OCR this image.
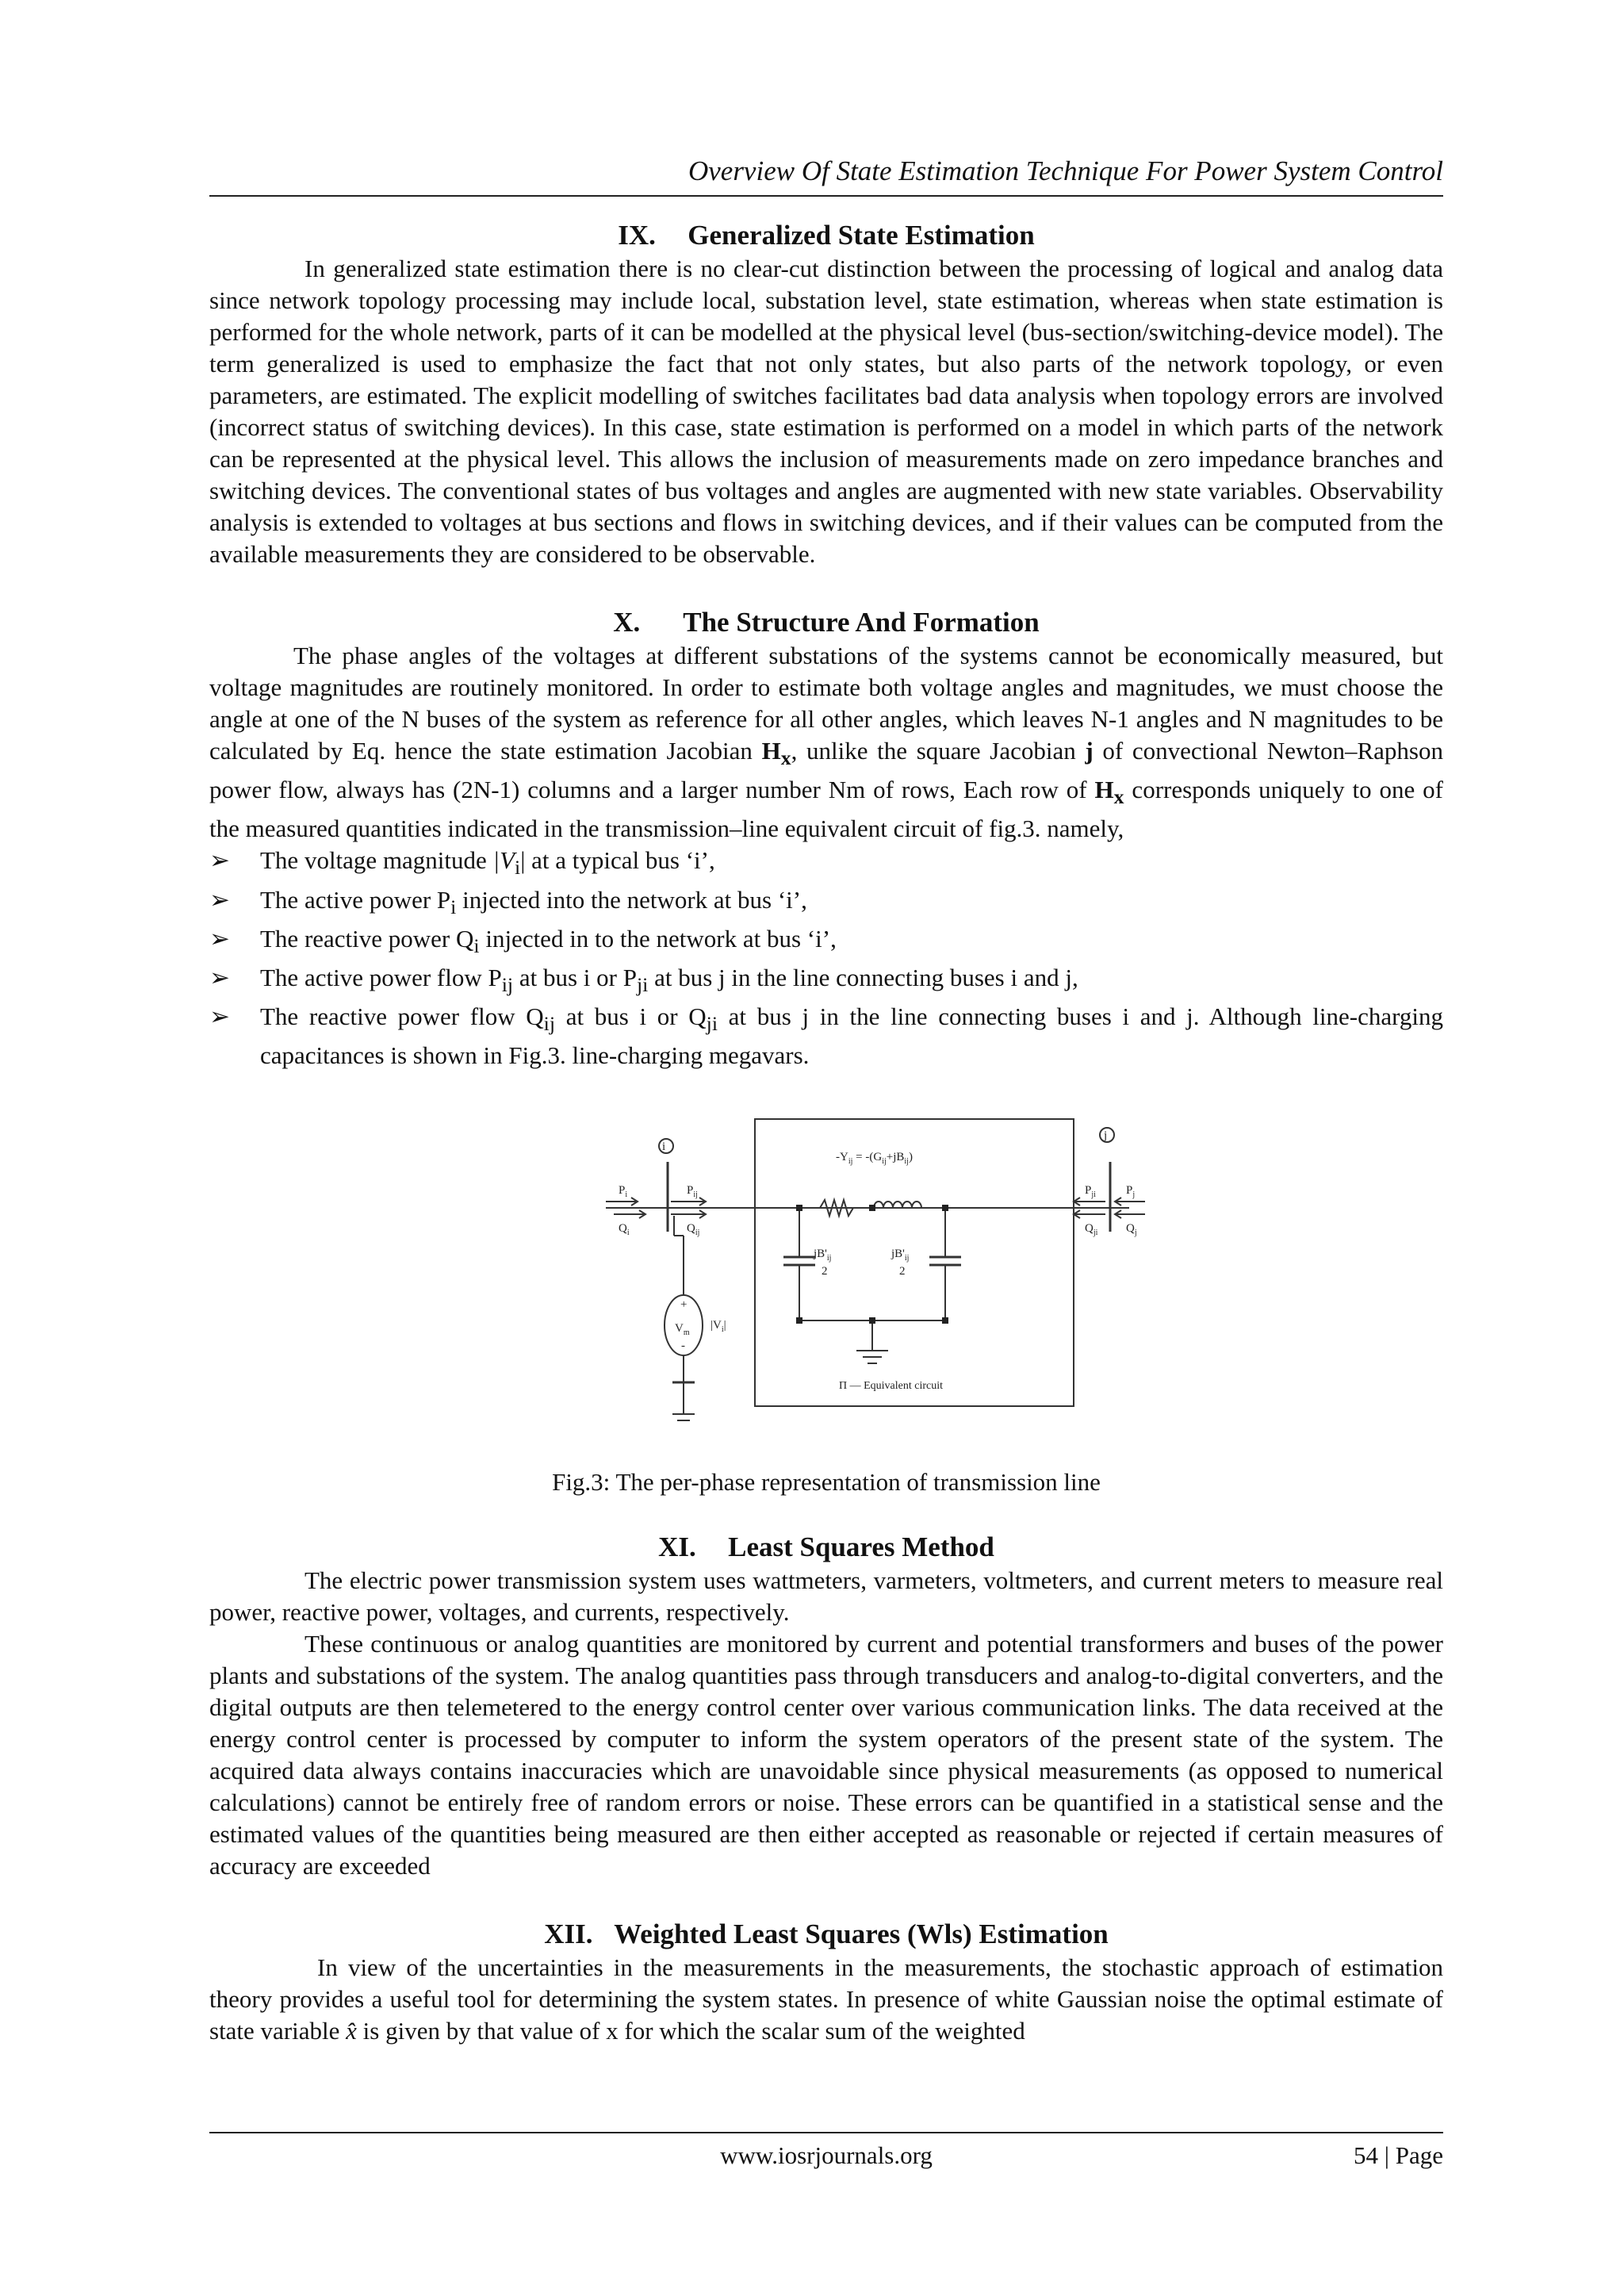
Overview Of State Estimation Technique For Power System Control
IX. Generalized State Estimation

In generalized state estimation there is no clear-cut distinction between the processing of logical and analog data since network topology processing may include local, substation level, state estimation, whereas when state estimation is performed for the whole network, parts of it can be modelled at the physical level (bus-section/switching-device model). The term generalized is used to emphasize the fact that not only states, but also parts of the network topology, or even parameters, are estimated. The explicit modelling of switches facilitates bad data analysis when topology errors are involved (incorrect status of switching devices). In this case, state estimation is performed on a model in which parts of the network can be represented at the physical level. This allows the inclusion of measurements made on zero impedance branches and switching devices. The conventional states of bus voltages and angles are augmented with new state variables. Observability analysis is extended to voltages at bus sections and flows in switching devices, and if their values can be computed from the available measurements they are considered to be observable.

X. The Structure And Formation

The phase angles of the voltages at different substations of the systems cannot be economically measured, but voltage magnitudes are routinely monitored. In order to estimate both voltage angles and magnitudes, we must choose the angle at one of the N buses of the system as reference for all other angles, which leaves N-1 angles and N magnitudes to be calculated by Eq. hence the state estimation Jacobian $H_x$, unlike the square Jacobian j of convectional Newton–Raphson power flow, always has (2N-1) columns and a larger number Nm of rows, Each row of $H_x$ corresponds uniquely to one of the measured quantities indicated in the transmission–line equivalent circuit of fig.3. namely,

➢ The voltage magnitude $|V_i|$ at a typical bus ‘i’,
➢ The active power $P_i$ injected into the network at bus ‘i’,
➢ The reactive power $Q_i$ injected in to the network at bus ‘i’,
➢ The active power flow $P_{ij}$ at bus i or $P_{ji}$ at bus j in the line connecting buses i and j,
➢ The reactive power flow $Q_{ij}$ at bus i or $Q_{ji}$ at bus j in the line connecting buses i and j. Although line-charging capacitances is shown in Fig.3. line-charging megavars.
i
j
$P_i$
$Q_i$
$P_{ij}$
$Q_{ij}$
$P_{ji}$
$Q_{ji}$
$P_j$
$Q_j$
$-Y_{ij} = -(G_{ij}+jB_{ij})$
$jB'_{ij}$
2
$jB'_{ij}$
2
+
$V_m$
-
$|V_i|$
Π — Equivalent circuit
Fig.3: The per-phase representation of transmission line
XI. Least Squares Method

The electric power transmission system uses wattmeters, varmeters, voltmeters, and current meters to measure real power, reactive power, voltages, and currents, respectively.

These continuous or analog quantities are monitored by current and potential transformers and buses of the power plants and substations of the system. The analog quantities pass through transducers and analog-to-digital converters, and the digital outputs are then telemetered to the energy control center over various communication links. The data received at the energy control center is processed by computer to inform the system operators of the present state of the system. The acquired data always contains inaccuracies which are unavoidable since physical measurements (as opposed to numerical calculations) cannot be entirely free of random errors or noise. These errors can be quantified in a statistical sense and the estimated values of the quantities being measured are then either accepted as reasonable or rejected if certain measures of accuracy are exceeded

XII. Weighted Least Squares (Wls) Estimation

In view of the uncertainties in the measurements in the measurements, the stochastic approach of estimation theory provides a useful tool for determining the system states. In presence of white Gaussian noise the optimal estimate of state variable x̂ is given by that value of x for which the scalar sum of the weighted

www.iosrjournals.org	54 | Page
